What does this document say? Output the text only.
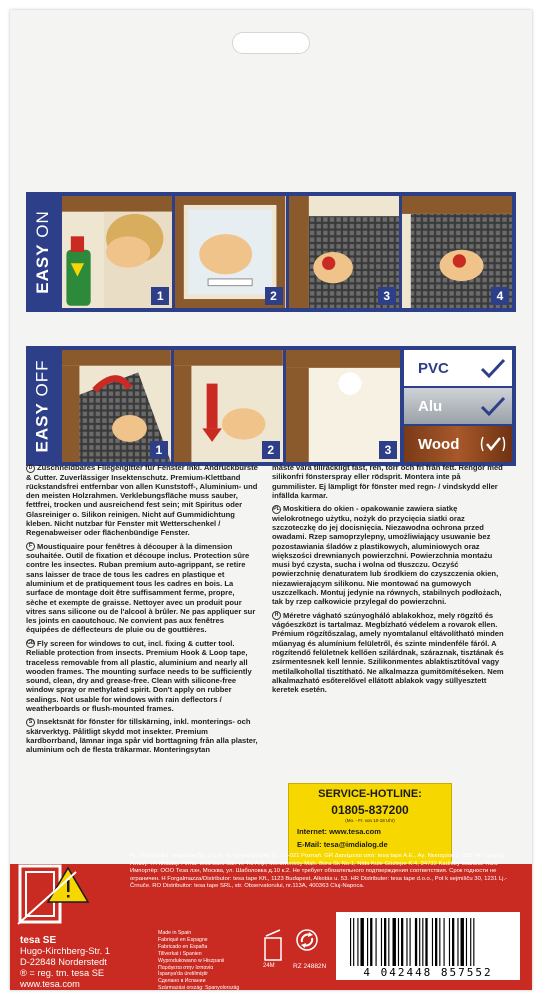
EASY ON
1	2	3	4
EASY OFF
1	2	3
PVC
Alu
Wood
D Zuschneidbares Fliegengitter für Fenster inkl. Andruckbürste & Cutter. Zuverlässiger Insektenschutz. Premium-Klettband rückstandsfrei entfernbar von allen Kunststoff-, Aluminium- und den meisten Holzrahmen. Verklebungsfläche muss sauber, fettfrei, trocken und ausreichend fest sein; mit Spiritus oder Glasreiniger o. Silikon reinigen. Nicht auf Gummidichtung kleben. Nicht nutzbar für Fenster mit Wetterschenkel / Regenabweiser oder flächenbündige Fenster.
F Moustiquaire pour fenêtres à découper à la dimension souhaitée. Outil de fixation et découpe inclus. Protection sûre contre les insectes. Ruban premium auto-agrippant, se retire sans laisser de trace de tous les cadres en plastique et aluminium et de pratiquement tous les cadres en bois. La surface de montage doit être suffisamment ferme, propre, sèche et exempte de graisse. Nettoyer avec un produit pour vitres sans silicone ou de l'alcool à brûler. Ne pas appliquer sur les joints en caoutchouc. Ne convient pas aux fenêtres équipées de déflecteurs de pluie ou de gouttières.
GB Fly screen for windows to cut, incl. fixing & cutter tool. Reliable protection from insects. Premium Hook & Loop tape, traceless removable from all plastic, aluminium and nearly all wooden frames. The mounting surface needs to be sufficiently sound, clean, dry and grease-free. Clean with silicone-free window spray or methylated spirit. Don't apply on rubber sealings. Not usable for windows with rain deflectors / weatherboards or flush-mounted frames.
S Insektsnät för fönster för tillskärning, inkl. monterings- och skärverktyg. Pålitligt skydd mot insekter. Premium kardborrband, lämnar inga spår vid borttagning från alla plaster, aluminium och de flesta träkarmar. Monteringsytan
måste vara tillräckligt fast, ren, torr och fri från fett. Rengör med silikonfri fönsterspray eller rödsprit. Montera inte på gummilister. Ej lämpligt för fönster med regn- / vindskydd eller infällda karmar.
PL Moskitiera do okien - opakowanie zawiera siatkę wielokrotnego użytku, nożyk do przycięcia siatki oraz szczoteczkę do jej docisnięcia. Niezawodna ochrona przed owadami. Rzep samoprzylepny, umożliwiający usuwanie bez pozostawiania śladów z plastikowych, aluminiowych oraz większości drewnianych powierzchni. Powierzchnia montażu musi być czysta, sucha i wolna od tłuszczu. Oczyść powierzchnię denaturatem lub środkiem do czyszczenia okien, niezawierającym silikonu. Nie montować na gumowych uszczelkach. Montuj jedynie na równych, stabilnych podłożach, tak by rzep całkowicie przylegał do powierzchni.
H Méretre vágható szúnyogháló ablakokhoz, mely rögzítő és vágóeszközt is tartalmaz. Megbízható védelem a rovarok ellen. Prémium rögzítőszalag, amely nyomtalanul eltávolítható minden műanyag és alumínium felületről, és szinte mindenféle fáról. A rögzítendő felületnek kellően szilárdnak, száraznak, tisztának és zsírmentesnek kell lennie. Szilikonmentes ablaktisztítóval vagy metilalkohollal tisztítható. Ne alkalmazza gumitömítéseken. Nem alkalmazható esőterelővel ellátott ablakok vagy süllyesztett keretek esetén.
SERVICE-HOTLINE:
01805-837200
(Mo. - Fr. von 10-18 Uhr)
Internet: www.tesa.com
E-Mail: tesa@imdialog.de
PL Dystrybutor: tesa tape Sp. z o.o., ul. Gnieźnieńska 32, 61-021 Poznań. GR Διανέμεται από: tesa tape A.E., Αγ. Νεκταρίου 2, 153 44 Γέρακας, Αττική. TR İthalatçı Firma: tesa Bant San ve Tic A.Ş., Merdivenköy Mah. Bora Sk No:1, Nida Kule Göztepe K:4, 34732 Kadıköy İstanbul. RUS Импортёр: ООО Теза лэн, Москва, ул. Шаболовка д.10 к.2. Не требует обязательного подтверждения соответствия. Срок годности не ограничен. H Forgalmazza/Distributor: tesa tape Kft., 1123 Budapest, Alkotás u. 53. HR Distributer: tesa tape d.o.o., Pot k sejmišču 30, 1231 Lj.-Črnuče. RO Distribuitor: tesa tape SRL, str. Observatorului, nr.113A, 400363 Cluj-Napoca.
tesa SE
Hugo-Kirchberg-Str. 1
D-22848 Norderstedt
® = reg. tm. tesa SE
www.tesa.com
Made in Spain
Fabriqué en Espagne
Fabricado en España
Tillverkat i Spanien
Wyprodukowano w Hiszpanii
Παράγεται στην Ισπανία
İspanya'da üretilmiştir
Сделано в Испании
Származási ország: Spanyolország
24M	RZ 24882N	4 042448 857552
